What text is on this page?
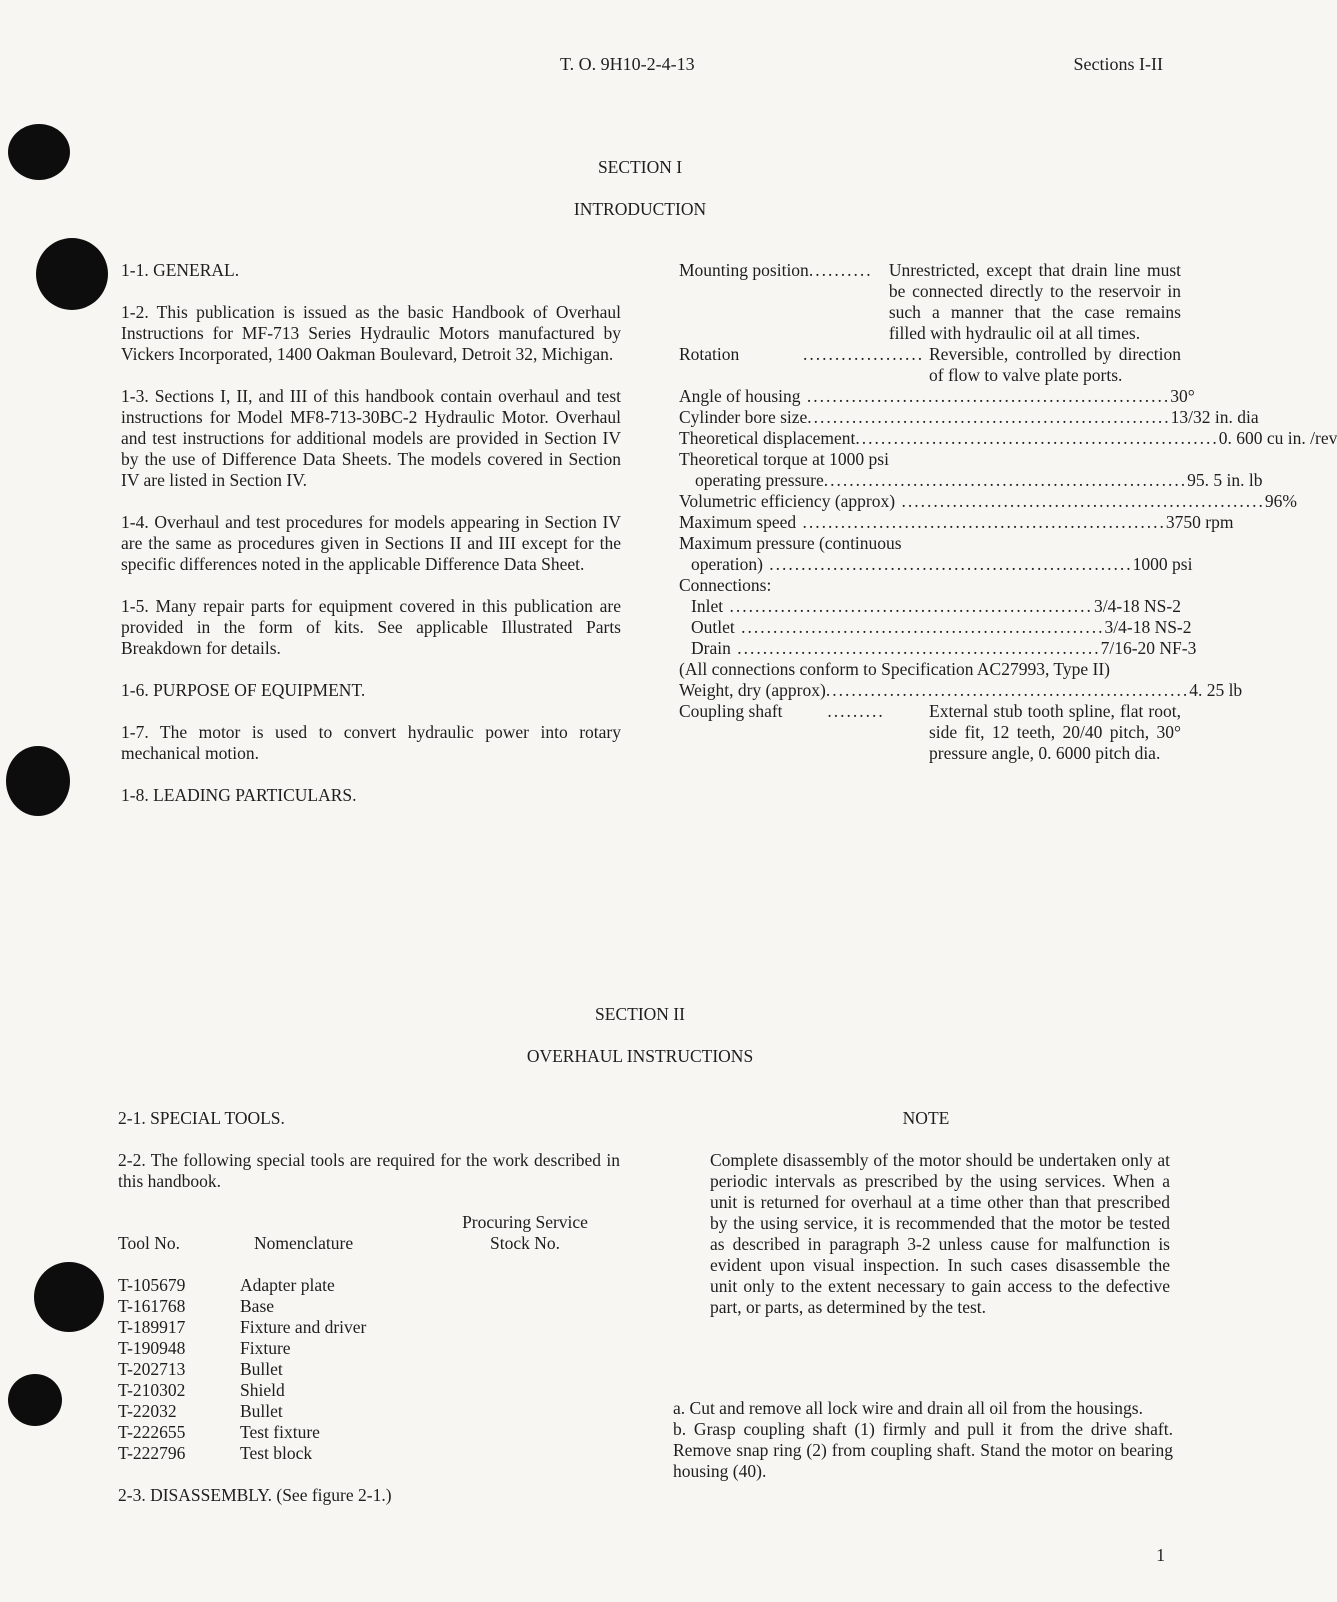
T. O. 9H10-2-4-13	Sections I-II
SECTION I
INTRODUCTION
1-1. GENERAL.
1-2. This publication is issued as the basic Handbook of Overhaul Instructions for MF-713 Series Hydraulic Motors manufactured by Vickers Incorporated, 1400 Oakman Boulevard, Detroit 32, Michigan.
1-3. Sections I, II, and III of this handbook contain overhaul and test instructions for Model MF8-713-30BC-2 Hydraulic Motor. Overhaul and test instructions for additional models are provided in Section IV by the use of Difference Data Sheets. The models covered in Section IV are listed in Section IV.
1-4. Overhaul and test procedures for models appearing in Section IV are the same as procedures given in Sections II and III except for the specific differences noted in the applicable Difference Data Sheet.
1-5. Many repair parts for equipment covered in this publication are provided in the form of kits. See applicable Illustrated Parts Breakdown for details.
1-6. PURPOSE OF EQUIPMENT.
1-7. The motor is used to convert hydraulic power into rotary mechanical motion.
1-8. LEADING PARTICULARS.
Mounting position .......... Unrestricted, except that drain line must be connected directly to the reservoir in such a manner that the case remains filled with hydraulic oil at all times.
Rotation	................... Reversible, controlled by direction of flow to valve plate ports.
Angle of housing ......................................................... 30°
Cylinder bore size ......................................................... 13/32 in. dia
Theoretical displacement ......................................................... 0. 600 cu in. /rev
Theoretical torque at 1000 psi
operating pressure ......................................................... 95. 5 in. lb
Volumetric efficiency (approx) ......................................................... 96%
Maximum speed ......................................................... 3750 rpm
Maximum pressure (continuous
operation) ......................................................... 1000 psi
Connections:
Inlet ......................................................... 3/4-18 NS-2
Outlet ......................................................... 3/4-18 NS-2
Drain ......................................................... 7/16-20 NF-3
(All connections conform to Specification AC27993, Type II)
Weight, dry (approx) ......................................................... 4. 25 lb
Coupling shaft	.........	External stub tooth spline, flat root, side fit, 12 teeth, 20/40 pitch, 30° pressure angle, 0. 6000 pitch dia.
SECTION II
OVERHAUL INSTRUCTIONS
2-1. SPECIAL TOOLS.
2-2. The following special tools are required for the work described in this handbook.
		Procuring Service
Tool No.	Nomenclature	Stock No.

T-105679	Adapter plate	
T-161768	Base	
T-189917	Fixture and driver	
T-190948	Fixture	
T-202713	Bullet	
T-210302	Shield	
T-22032	Bullet	
T-222655	Test fixture	
T-222796	Test block	
2-3. DISASSEMBLY. (See figure 2-1.)
NOTE
Complete disassembly of the motor should be undertaken only at periodic intervals as prescribed by the using services. When a unit is returned for overhaul at a time other than that prescribed by the using service, it is recommended that the motor be tested as described in paragraph 3-2 unless cause for malfunction is evident upon visual inspection. In such cases disassemble the unit only to the extent necessary to gain access to the defective part, or parts, as determined by the test.
a. Cut and remove all lock wire and drain all oil from the housings.
b. Grasp coupling shaft (1) firmly and pull it from the drive shaft. Remove snap ring (2) from coupling shaft. Stand the motor on bearing housing (40).
1
